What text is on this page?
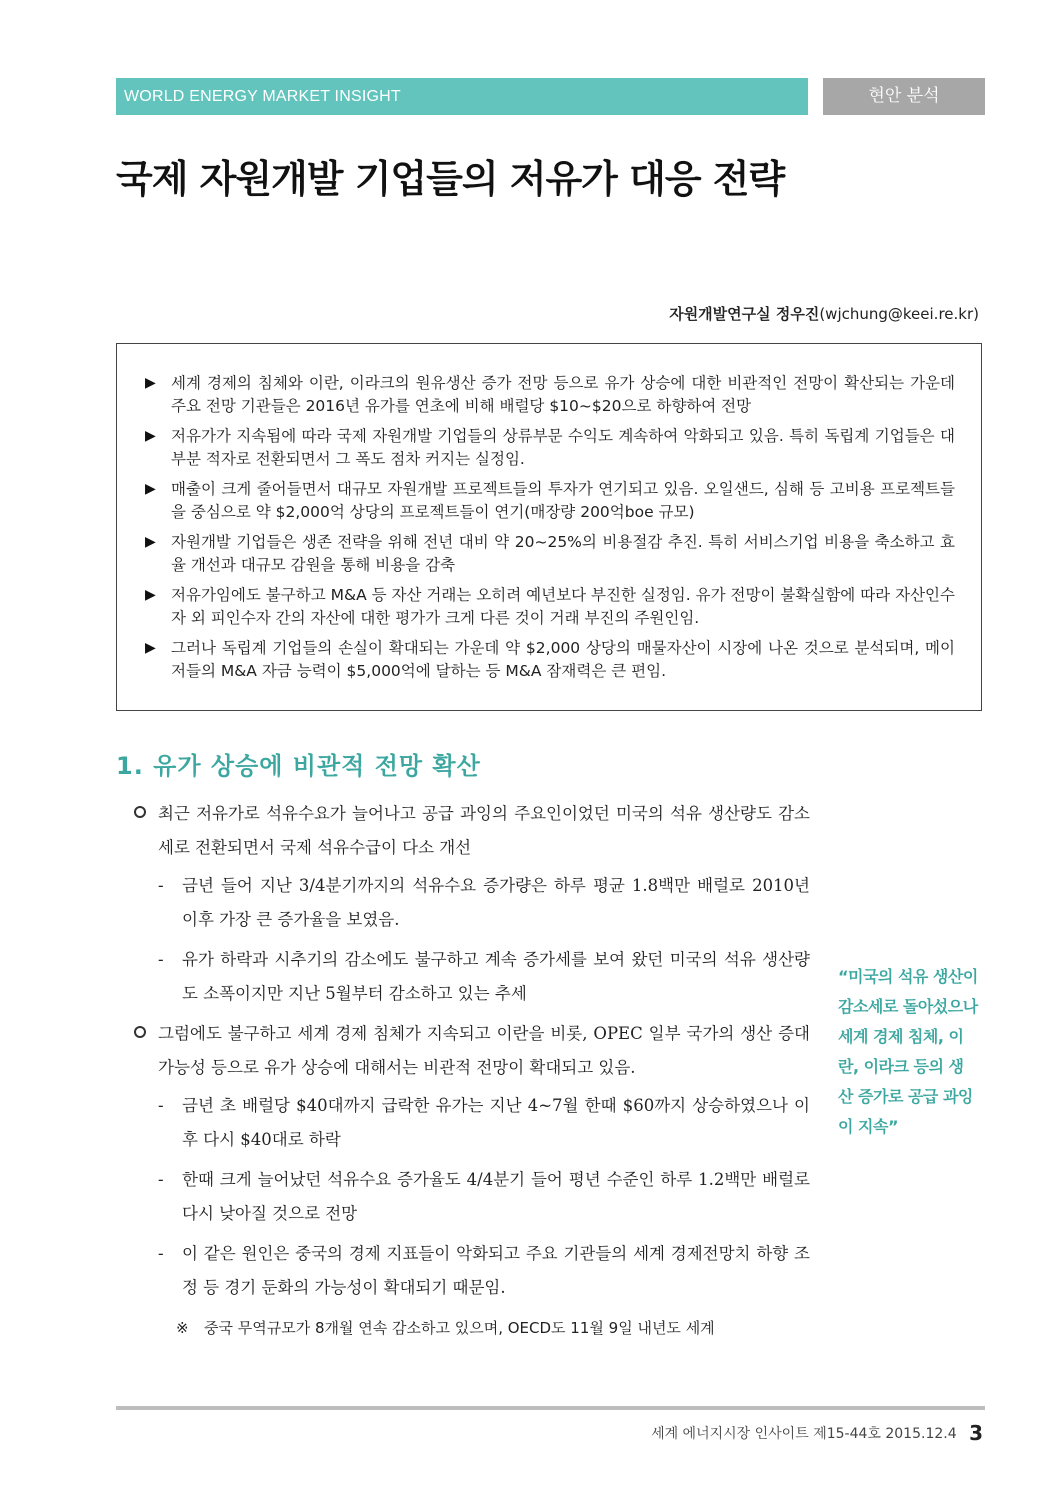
WORLD ENERGY MARKET INSIGHT	현안 분석
국제 자원개발 기업들의 저유가 대응 전략
자원개발연구실 정우진(wjchung@keei.re.kr)
▶ 세계 경제의 침체와 이란, 이라크의 원유생산 증가 전망 등으로 유가 상승에 대한 비관적인 전망이 확산되는 가운데 주요 전망 기관들은 2016년 유가를 연초에 비해 배럴당 $10~$20으로 하향하여 전망
▶ 저유가가 지속됨에 따라 국제 자원개발 기업들의 상류부문 수익도 계속하여 악화되고 있음. 특히 독립계 기업들은 대부분 적자로 전환되면서 그 폭도 점차 커지는 실정임.
▶ 매출이 크게 줄어들면서 대규모 자원개발 프로젝트들의 투자가 연기되고 있음. 오일샌드, 심해 등 고비용 프로젝트들을 중심으로 약 $2,000억 상당의 프로젝트들이 연기(매장량 200억boe 규모)
▶ 자원개발 기업들은 생존 전략을 위해 전년 대비 약 20~25%의 비용절감 추진. 특히 서비스기업 비용을 축소하고 효율 개선과 대규모 감원을 통해 비용을 감축
▶ 저유가임에도 불구하고 M&A 등 자산 거래는 오히려 예년보다 부진한 실정임. 유가 전망이 불확실함에 따라 자산인수자 외 피인수자 간의 자산에 대한 평가가 크게 다른 것이 거래 부진의 주원인임.
▶ 그러나 독립계 기업들의 손실이 확대되는 가운데 약 $2,000 상당의 매물자산이 시장에 나온 것으로 분석되며, 메이저들의 M&A 자금 능력이 $5,000억에 달하는 등 M&A 잠재력은 큰 편임.
1. 유가 상승에 비관적 전망 확산
최근 저유가로 석유수요가 늘어나고 공급 과잉의 주요인이었던 미국의 석유 생산량도 감소세로 전환되면서 국제 석유수급이 다소 개선
- 금년 들어 지난 3/4분기까지의 석유수요 증가량은 하루 평균 1.8백만 배럴로 2010년 이후 가장 큰 증가율을 보였음.
- 유가 하락과 시추기의 감소에도 불구하고 계속 증가세를 보여 왔던 미국의 석유 생산량도 소폭이지만 지난 5월부터 감소하고 있는 추세
그럼에도 불구하고 세계 경제 침체가 지속되고 이란을 비롯, OPEC 일부 국가의 생산 증대 가능성 등으로 유가 상승에 대해서는 비관적 전망이 확대되고 있음.
- 금년 초 배럴당 $40대까지 급락한 유가는 지난 4~7월 한때 $60까지 상승하였으나 이후 다시 $40대로 하락
- 한때 크게 늘어났던 석유수요 증가율도 4/4분기 들어 평년 수준인 하루 1.2백만 배럴로 다시 낮아질 것으로 전망
- 이 같은 원인은 중국의 경제 지표들이 악화되고 주요 기관들의 세계 경제전망치 하향 조정 등 경기 둔화의 가능성이 확대되기 때문임.
※ 중국 무역규모가 8개월 연속 감소하고 있으며, OECD도 11월 9일 내년도 세계
“미국의 석유 생산이 감소세로 돌아섰으나 세계 경제 침체, 이란, 이라크 등의 생산 증가로 공급 과잉이 지속”
세계 에너지시장 인사이트 제15-44호 2015.12.4 3
